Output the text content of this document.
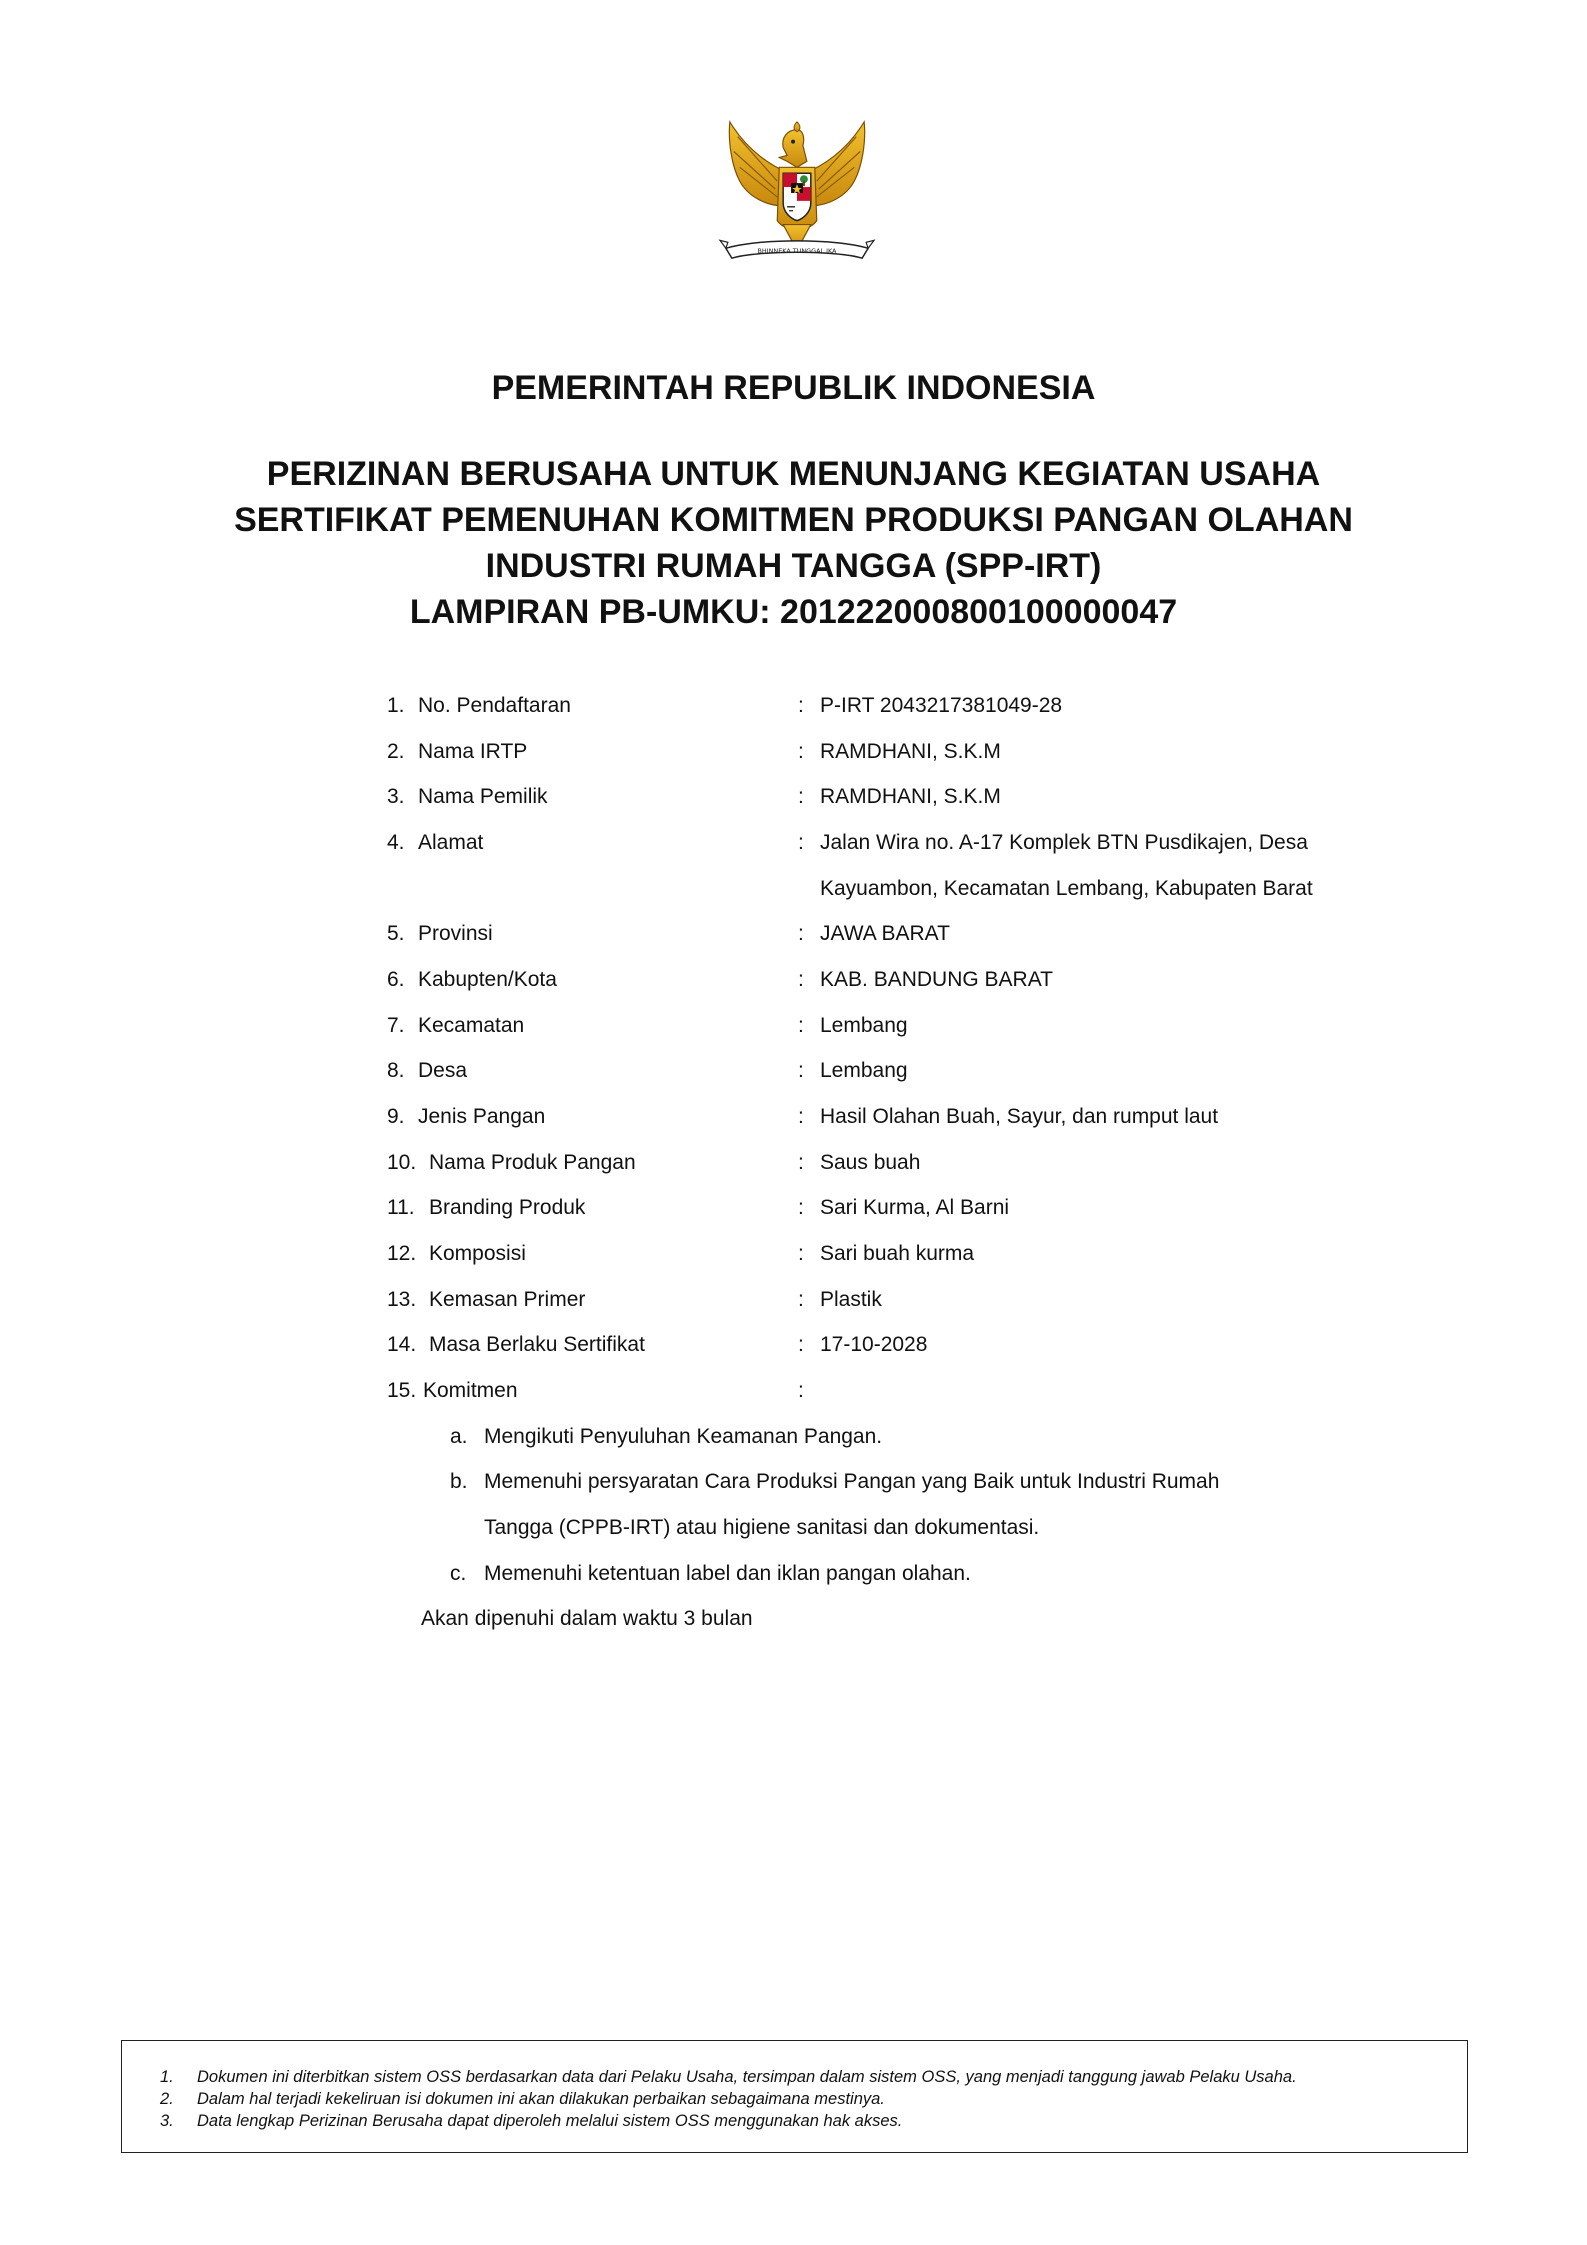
BHINNEKA TUNGGAL IKA
PEMERINTAH REPUBLIK INDONESIA
PERIZINAN BERUSAHA UNTUK MENUNJANG KEGIATAN USAHA
SERTIFIKAT PEMENUHAN KOMITMEN PRODUKSI PANGAN OLAHAN
INDUSTRI RUMAH TANGGA (SPP-IRT)
LAMPIRAN PB-UMKU: 201222000800100000047
1. No. Pendaftaran	: P-IRT 2043217381049-28
2. Nama IRTP	: RAMDHANI, S.K.M
3. Nama Pemilik	: RAMDHANI, S.K.M
4. Alamat	: Jalan Wira no. A-17 Komplek BTN Pusdikajen, Desa
Kayuambon, Kecamatan Lembang, Kabupaten Barat
5. Provinsi	: JAWA BARAT
6. Kabupten/Kota	: KAB. BANDUNG BARAT
7. Kecamatan	: Lembang
8. Desa	: Lembang
9. Jenis Pangan	: Hasil Olahan Buah, Sayur, dan rumput laut
10. Nama Produk Pangan	: Saus buah
11. Branding Produk	: Sari Kurma, Al Barni
12. Komposisi	: Sari buah kurma
13. Kemasan Primer	: Plastik
14. Masa Berlaku Sertifikat	: 17-10-2028
15. Komitmen	:
a. Mengikuti Penyuluhan Keamanan Pangan.
b. Memenuhi persyaratan Cara Produksi Pangan yang Baik untuk Industri Rumah
Tangga (CPPB-IRT) atau higiene sanitasi dan dokumentasi.
c. Memenuhi ketentuan label dan iklan pangan olahan.
Akan dipenuhi dalam waktu 3 bulan
1. Dokumen ini diterbitkan sistem OSS berdasarkan data dari Pelaku Usaha, tersimpan dalam sistem OSS, yang menjadi tanggung jawab Pelaku Usaha.
2. Dalam hal terjadi kekeliruan isi dokumen ini akan dilakukan perbaikan sebagaimana mestinya.
3. Data lengkap Perizinan Berusaha dapat diperoleh melalui sistem OSS menggunakan hak akses.
